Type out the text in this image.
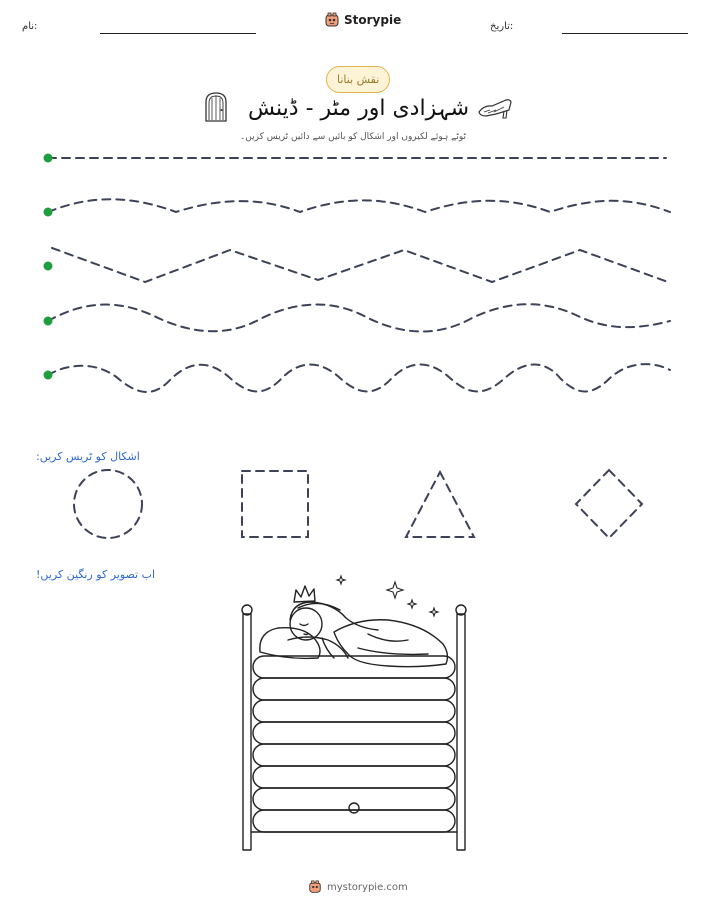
نام:	Storypie	تاریخ:
نقش بنانا
شہزادی اور مٹر - ڈینش
ٹوٹے ہوئے لکیروں اور اشکال کو بائیں سے دائیں ٹریس کریں۔
اشکال کو ٹریس کریں:
اب تصویر کو رنگین کریں!
mystorypie.com
